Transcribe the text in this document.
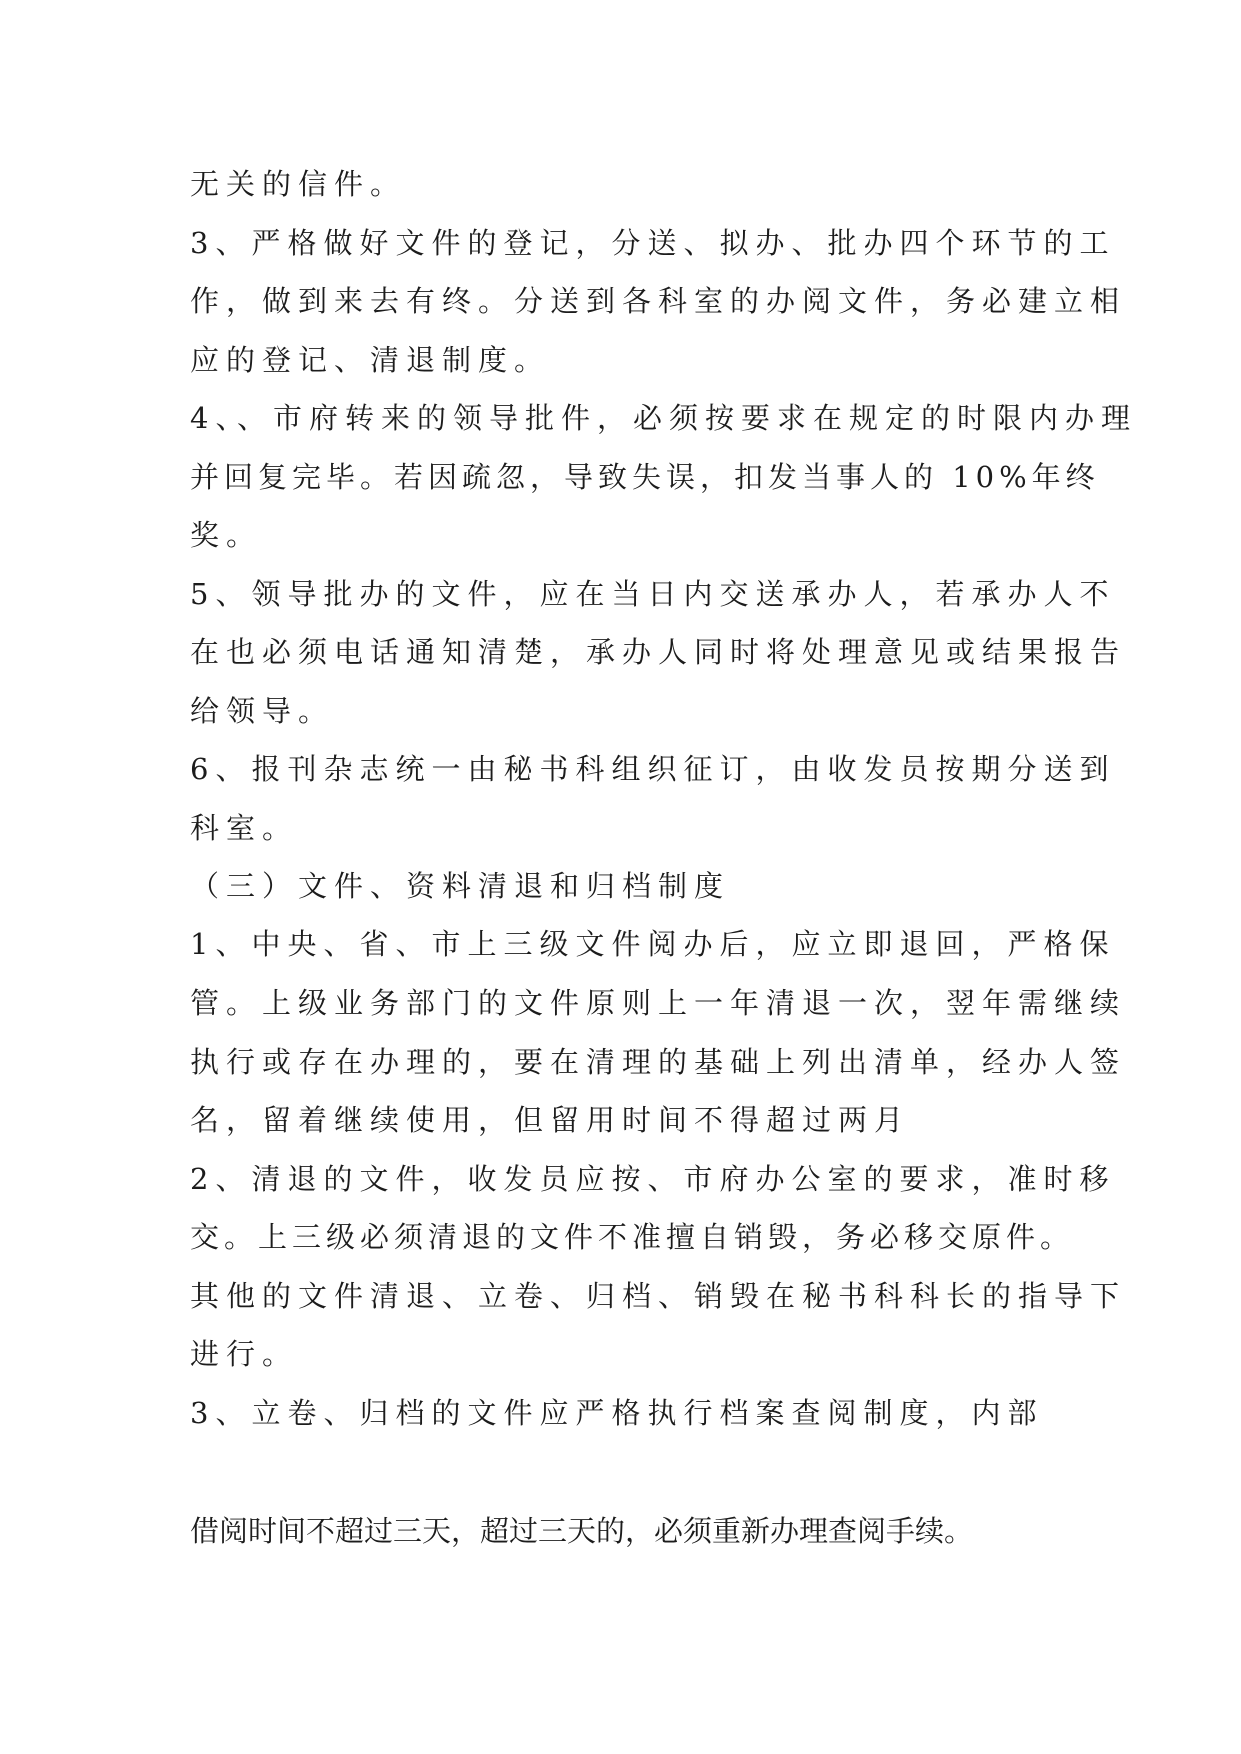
无关的信件。
3、严格做好文件的登记，分送、拟办、批办四个环节的工
作，做到来去有终。分送到各科室的办阅文件，务必建立相
应的登记、清退制度。
4、、市府转来的领导批件，必须按要求在规定的时限内办理
并回复完毕。若因疏忽，导致失误，扣发当事人的 10%年终
奖。
5、领导批办的文件，应在当日内交送承办人，若承办人不
在也必须电话通知清楚，承办人同时将处理意见或结果报告
给领导。
6、报刊杂志统一由秘书科组织征订，由收发员按期分送到
科室。
（三）文件、资料清退和归档制度
1、中央、省、市上三级文件阅办后，应立即退回，严格保
管。上级业务部门的文件原则上一年清退一次，翌年需继续
执行或存在办理的，要在清理的基础上列出清单，经办人签
名，留着继续使用，但留用时间不得超过两月
2、清退的文件，收发员应按、市府办公室的要求，准时移
交。上三级必须清退的文件不准擅自销毁，务必移交原件。
其他的文件清退、立卷、归档、销毁在秘书科科长的指导下
进行。
3、立卷、归档的文件应严格执行档案查阅制度，内部
借阅时间不超过三天，超过三天的，必须重新办理查阅手续。
